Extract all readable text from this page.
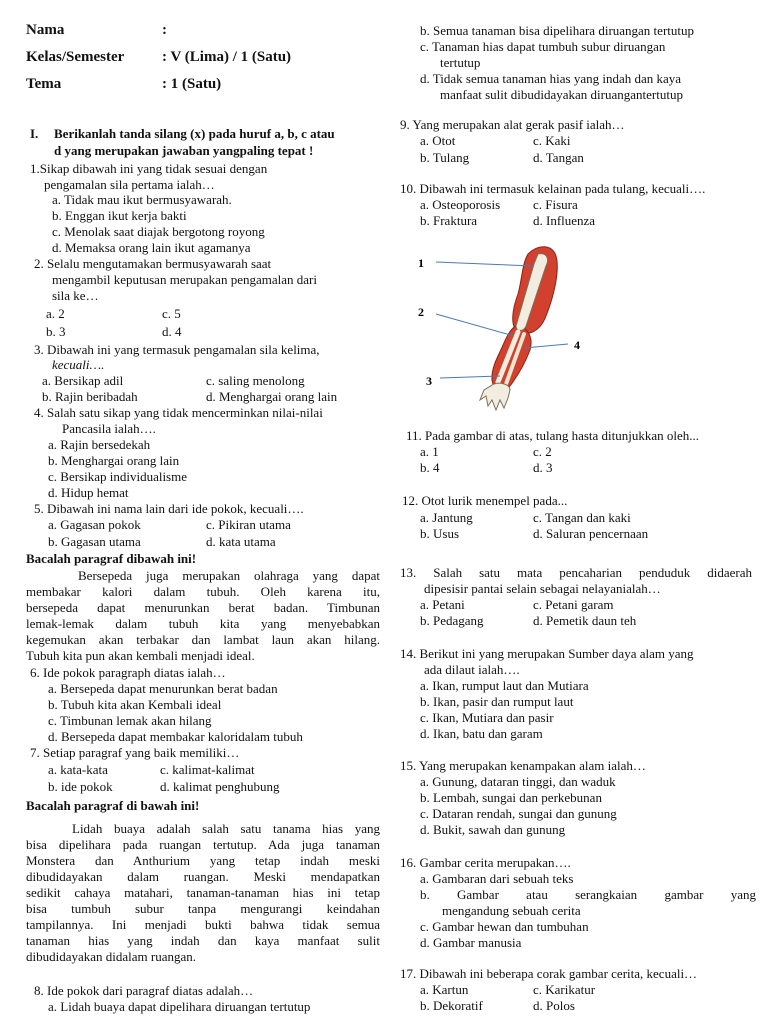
Nama	:
Kelas/Semester	: V (Lima) / 1 (Satu)
Tema	: 1 (Satu)
I. Berikanlah tanda silang (x) pada huruf a, b, c atau
d yang merupakan jawaban yangpaling tepat !
1.Sikap dibawah ini yang tidak sesuai dengan
pengamalan sila pertama ialah…
a. Tidak mau ikut bermusyawarah.
b. Enggan ikut kerja bakti
c. Menolak saat diajak bergotong royong
d. Memaksa orang lain ikut agamanya
2. Selalu mengutamakan bermusyawarah saat
mengambil keputusan merupakan pengamalan dari
sila ke…
a. 2	c. 5
b. 3	d. 4
3. Dibawah ini yang termasuk pengamalan sila kelima,
kecuali….
a. Bersikap adil	c. saling menolong
b. Rajin beribadah	d. Menghargai orang lain
4. Salah satu sikap yang tidak mencerminkan nilai-nilai
Pancasila ialah….
a. Rajin bersedekah
b. Menghargai orang lain
c. Bersikap individualisme
d. Hidup hemat
5. Dibawah ini nama lain dari ide pokok, kecuali….
a. Gagasan pokok	c. Pikiran utama
b. Gagasan utama	d. kata utama
Bacalah paragraf dibawah ini!
Bersepeda juga merupakan olahraga yang dapat
membakar kalori dalam tubuh. Oleh karena itu,
bersepeda dapat menurunkan berat badan. Timbunan
lemak-lemak dalam tubuh kita yang menyebabkan
kegemukan akan terbakar dan lambat laun akan hilang.
Tubuh kita pun akan kembali menjadi ideal.
6. Ide pokok paragraph diatas ialah…
a. Bersepeda dapat menurunkan berat badan
b. Tubuh kita akan Kembali ideal
c. Timbunan lemak akan hilang
d. Bersepeda dapat membakar kaloridalam tubuh
7. Setiap paragraf yang baik memiliki…
a. kata-kata	c. kalimat-kalimat
b. ide pokok	d. kalimat penghubung
Bacalah paragraf di bawah ini!
Lidah buaya adalah salah satu tanama hias yang
bisa dipelihara pada ruangan tertutup. Ada juga tanaman
Monstera dan Anthurium yang tetap indah meski
dibudidayakan dalam ruangan. Meski mendapatkan
sedikit cahaya matahari, tanaman-tanaman hias ini tetap
bisa tumbuh subur tanpa mengurangi keindahan
tampilannya. Ini menjadi bukti bahwa tidak semua
tanaman hias yang indah dan kaya manfaat sulit
dibudidayakan didalam ruangan.
8. Ide pokok dari paragraf diatas adalah…
a. Lidah buaya dapat dipelihara diruangan tertutup
b. Semua tanaman bisa dipelihara diruangan tertutup
c. Tanaman hias dapat tumbuh subur diruangan
tertutup
d. Tidak semua tanaman hias yang indah dan kaya
manfaat sulit dibudidayakan diruangantertutup
9. Yang merupakan alat gerak pasif ialah…
a. Otot	c. Kaki
b. Tulang	d. Tangan
10. Dibawah ini termasuk kelainan pada tulang, kecuali….
a. Osteoporosis	c. Fisura
b. Fraktura	d. Influenza
1
2
3
4
11. Pada gambar di atas, tulang hasta ditunjukkan oleh...
a. 1	c. 2
b. 4	d. 3
12. Otot lurik menempel pada...
a. Jantung	c. Tangan dan kaki
b. Usus	d. Saluran pencernaan
13. Salah satu mata pencaharian penduduk didaerah
dipesisir pantai selain sebagai nelayanialah…
a. Petani	c. Petani garam
b. Pedagang	d. Pemetik daun teh
14. Berikut ini yang merupakan Sumber daya alam yang
ada dilaut ialah….
a. Ikan, rumput laut dan Mutiara
b. Ikan, pasir dan rumput laut
c. Ikan, Mutiara dan pasir
d. Ikan, batu dan garam
15. Yang merupakan kenampakan alam ialah…
a. Gunung, dataran tinggi, dan waduk
b. Lembah, sungai dan perkebunan
c. Dataran rendah, sungai dan gunung
d. Bukit, sawah dan gunung
16. Gambar cerita merupakan….
a. Gambaran dari sebuah teks
b. Gambar atau serangkaian gambar yang
mengandung sebuah cerita
c. Gambar hewan dan tumbuhan
d. Gambar manusia
17. Dibawah ini beberapa corak gambar cerita, kecuali…
a. Kartun	c. Karikatur
b. Dekoratif	d. Polos
